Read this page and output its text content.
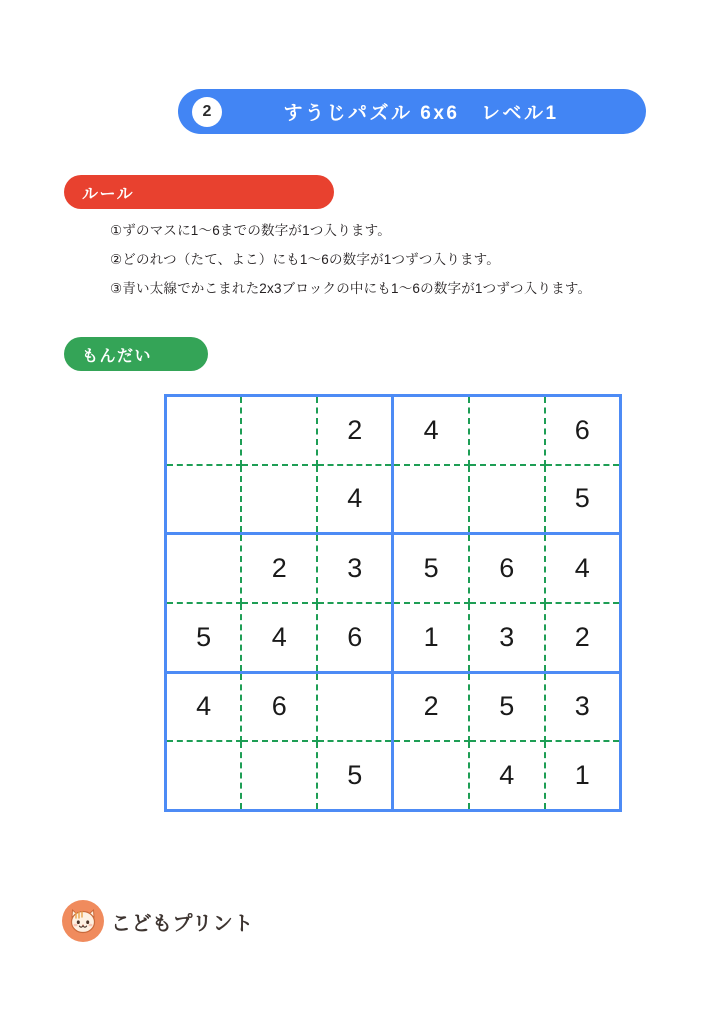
2	すうじパズル 6x6　レベル1
ルール
①ずのマスに1〜6までの数字が1つ入ります。
②どのれつ（たて、よこ）にも1〜6の数字が1つずつ入ります。
③青い太線でかこまれた2x3ブロックの中にも1〜6の数字が1つずつ入ります。
もんだい
		2	4		6
		4			5
	2	3	5	6	4
5	4	6	1	3	2
4	6		2	5	3
		5		4	1
こどもプリント
